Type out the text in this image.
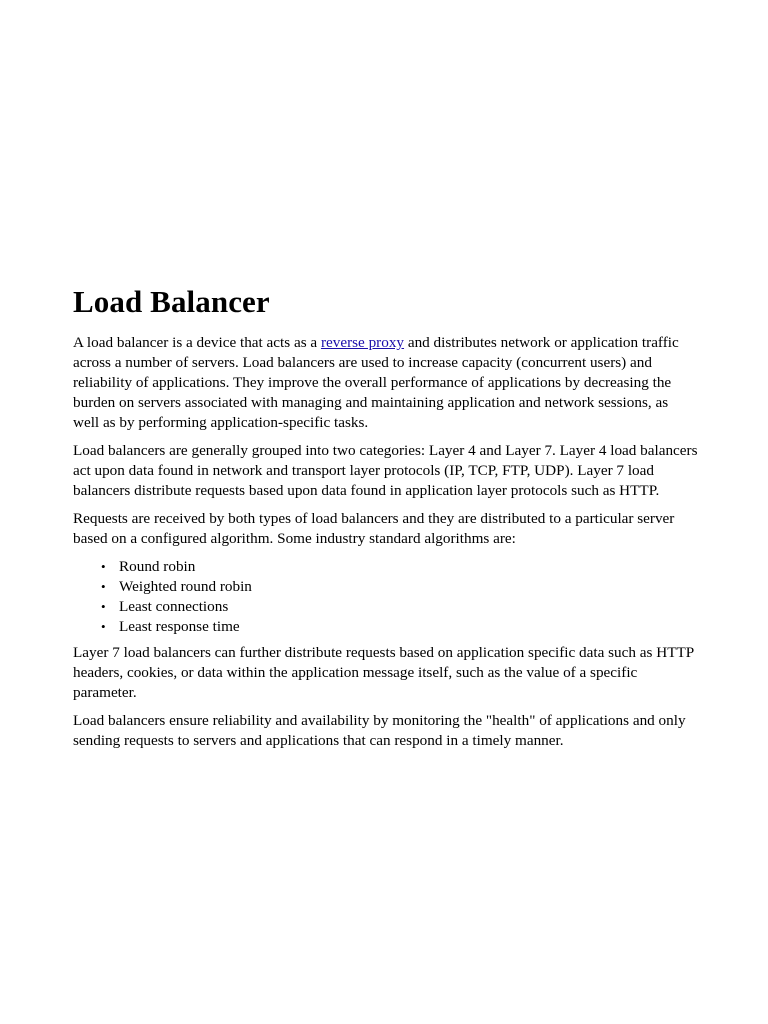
Load Balancer

A load balancer is a device that acts as a reverse proxy and distributes network or application traffic across a number of servers. Load balancers are used to increase capacity (concurrent users) and reliability of applications. They improve the overall performance of applications by decreasing the burden on servers associated with managing and maintaining application and network sessions, as well as by performing application-specific tasks.

Load balancers are generally grouped into two categories: Layer 4 and Layer 7. Layer 4 load balancers act upon data found in network and transport layer protocols (IP, TCP, FTP, UDP). Layer 7 load balancers distribute requests based upon data found in application layer protocols such as HTTP.

Requests are received by both types of load balancers and they are distributed to a particular server based on a configured algorithm. Some industry standard algorithms are:

• Round robin
• Weighted round robin
• Least connections
• Least response time

Layer 7 load balancers can further distribute requests based on application specific data such as HTTP headers, cookies, or data within the application message itself, such as the value of a specific parameter.

Load balancers ensure reliability and availability by monitoring the "health" of applications and only sending requests to servers and applications that can respond in a timely manner.
